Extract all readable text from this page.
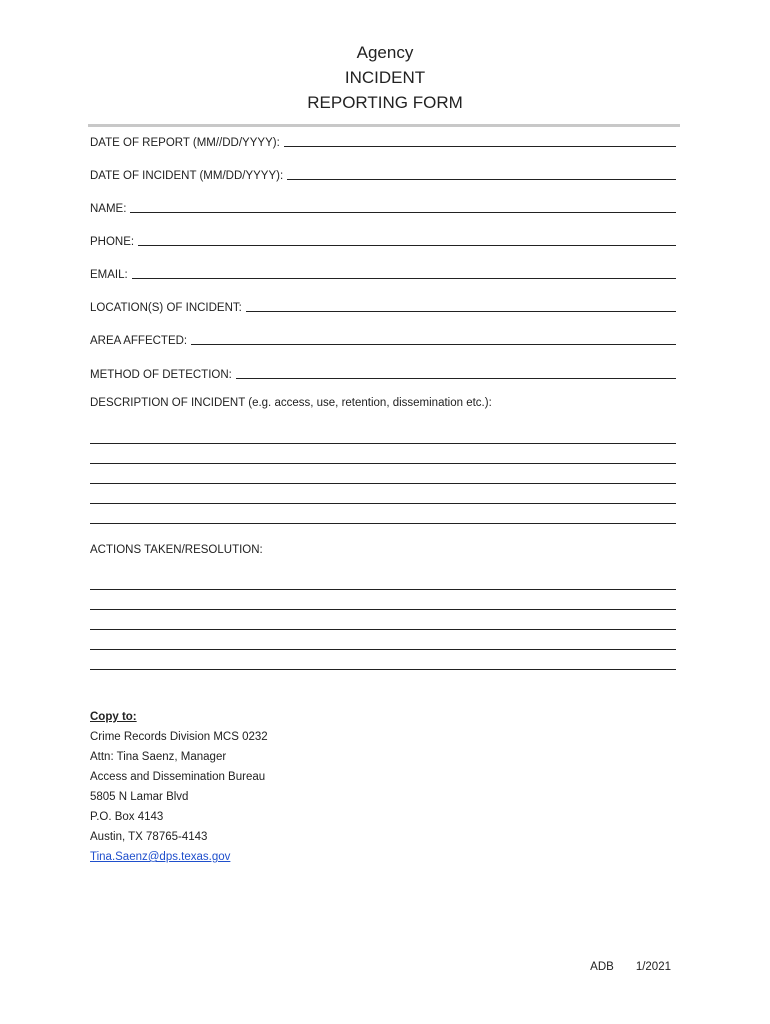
Agency
INCIDENT
REPORTING FORM
DATE OF REPORT (MM//DD/YYYY):
DATE OF INCIDENT (MM/DD/YYYY):
NAME:
PHONE:
EMAIL:
LOCATION(S) OF INCIDENT:
AREA AFFECTED:
METHOD OF DETECTION:
DESCRIPTION OF INCIDENT (e.g. access, use, retention, dissemination etc.):
ACTIONS TAKEN/RESOLUTION:
Copy to:
Crime Records Division MCS 0232
Attn: Tina Saenz, Manager
Access and Dissemination Bureau
5805 N Lamar Blvd
P.O. Box 4143
Austin, TX 78765-4143
Tina.Saenz@dps.texas.gov
ADB 1/2021
